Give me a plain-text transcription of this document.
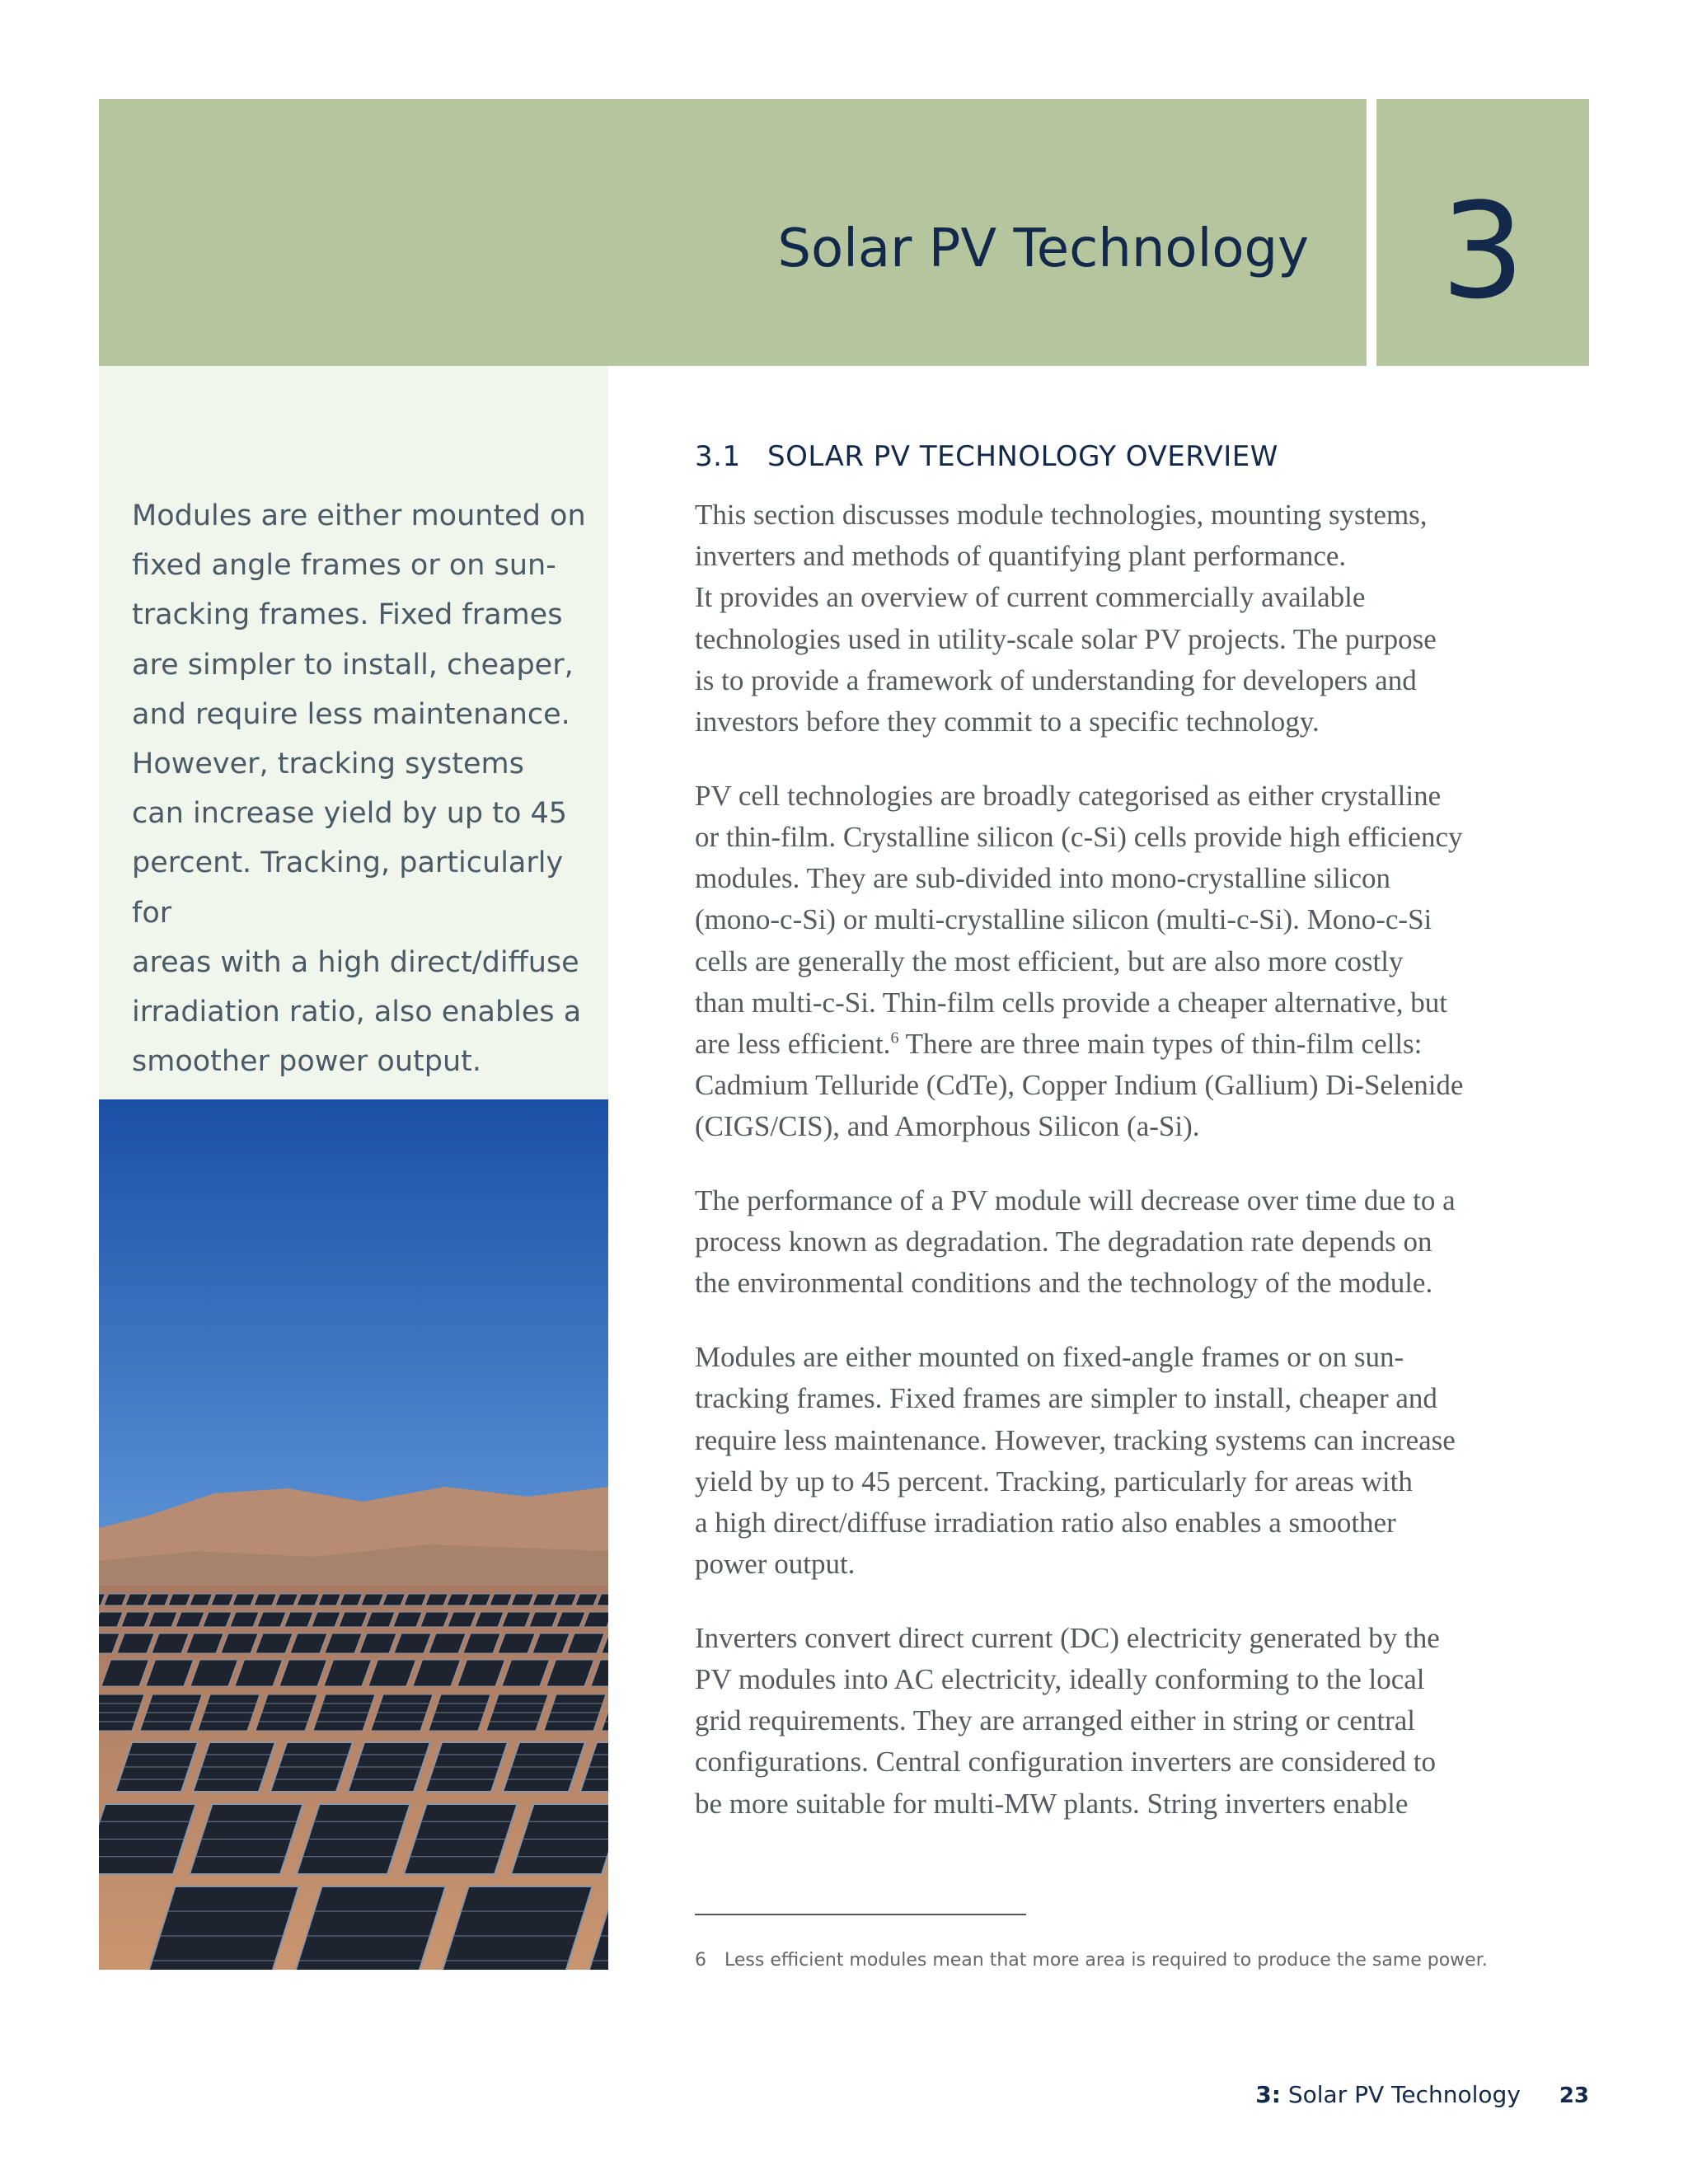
Solar PV Technology	3

Modules are either mounted on
fixed angle frames or on sun-
tracking frames. Fixed frames
are simpler to install, cheaper,
and require less maintenance.
However, tracking systems
can increase yield by up to 45
percent. Tracking, particularly for
areas with a high direct/diffuse
irradiation ratio, also enables a
smoother power output.

3.1 SOLAR PV TECHNOLOGY OVERVIEW

This section discusses module technologies, mounting systems,
inverters and methods of quantifying plant performance.
It provides an overview of current commercially available
technologies used in utility-scale solar PV projects. The purpose
is to provide a framework of understanding for developers and
investors before they commit to a specific technology.

PV cell technologies are broadly categorised as either crystalline
or thin-film. Crystalline silicon (c-Si) cells provide high efficiency
modules. They are sub-divided into mono-crystalline silicon
(mono-c-Si) or multi-crystalline silicon (multi-c-Si). Mono-c-Si
cells are generally the most efficient, but are also more costly
than multi-c-Si. Thin-film cells provide a cheaper alternative, but
are less efficient.$^6$ There are three main types of thin-film cells:
Cadmium Telluride (CdTe), Copper Indium (Gallium) Di-Selenide
(CIGS/CIS), and Amorphous Silicon (a-Si).

The performance of a PV module will decrease over time due to a
process known as degradation. The degradation rate depends on
the environmental conditions and the technology of the module.

Modules are either mounted on fixed-angle frames or on sun-
tracking frames. Fixed frames are simpler to install, cheaper and
require less maintenance. However, tracking systems can increase
yield by up to 45 percent. Tracking, particularly for areas with
a high direct/diffuse irradiation ratio also enables a smoother
power output.

Inverters convert direct current (DC) electricity generated by the
PV modules into AC electricity, ideally conforming to the local
grid requirements. They are arranged either in string or central
configurations. Central configuration inverters are considered to
be more suitable for multi-MW plants. String inverters enable

6 Less efficient modules mean that more area is required to produce the same power.
3: Solar PV Technology 23
